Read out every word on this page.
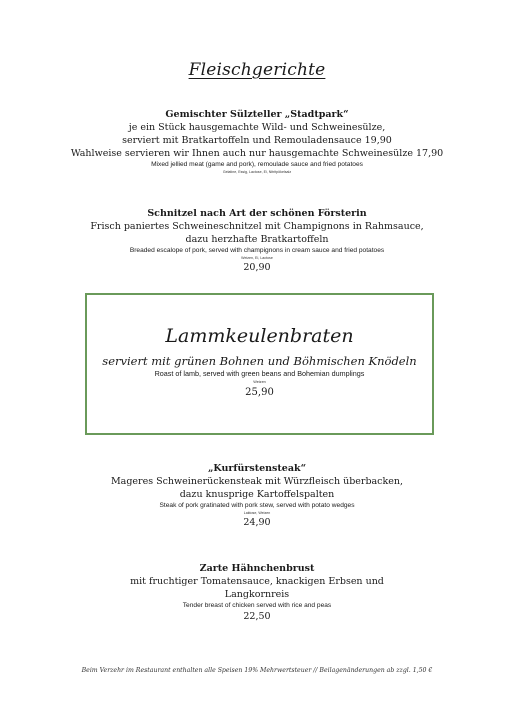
Fleischgerichte
Gemischter Sülzteller „Stadtpark“
je ein Stück hausgemachte Wild- und Schweinesülze,
serviert mit Bratkartoffeln und Remouladensauce 19,90
Wahlweise servieren wir Ihnen auch nur hausgemachte Schweinesülze 17,90
Mixed jellied meat (game and pork), remoulade sauce and fried potatoes
Gelatine, Essig, Lactose, Ei, Nitritpökelsalz
Schnitzel nach Art der schönen Försterin
Frisch paniertes Schweineschnitzel mit Champignons in Rahmsauce,
dazu herzhafte Bratkartoffeln
Breaded escalope of pork, served with champignons in cream sauce and fried potatoes
Weizen, Ei, Lactose
20,90
Lammkeulenbraten
serviert mit grünen Bohnen und Böhmischen Knödeln
Roast of lamb, served with green beans and Bohemian dumplings
Weizen
25,90
„Kurfürstensteak“
Mageres Schweinerückensteak mit Würzfleisch überbacken,
dazu knusprige Kartoffelspalten
Steak of pork gratinated with pork stew, served with potato wedges
Laktose, Weizen
24,90
Zarte Hähnchenbrust
mit fruchtiger Tomatensauce, knackigen Erbsen und
Langkornreis
Tender breast of chicken served with rice and peas
22,50
Beim Verzehr im Restaurant enthalten alle Speisen 19% Mehrwertsteuer // Beilagenänderungen ab zzgl. 1,50 €
